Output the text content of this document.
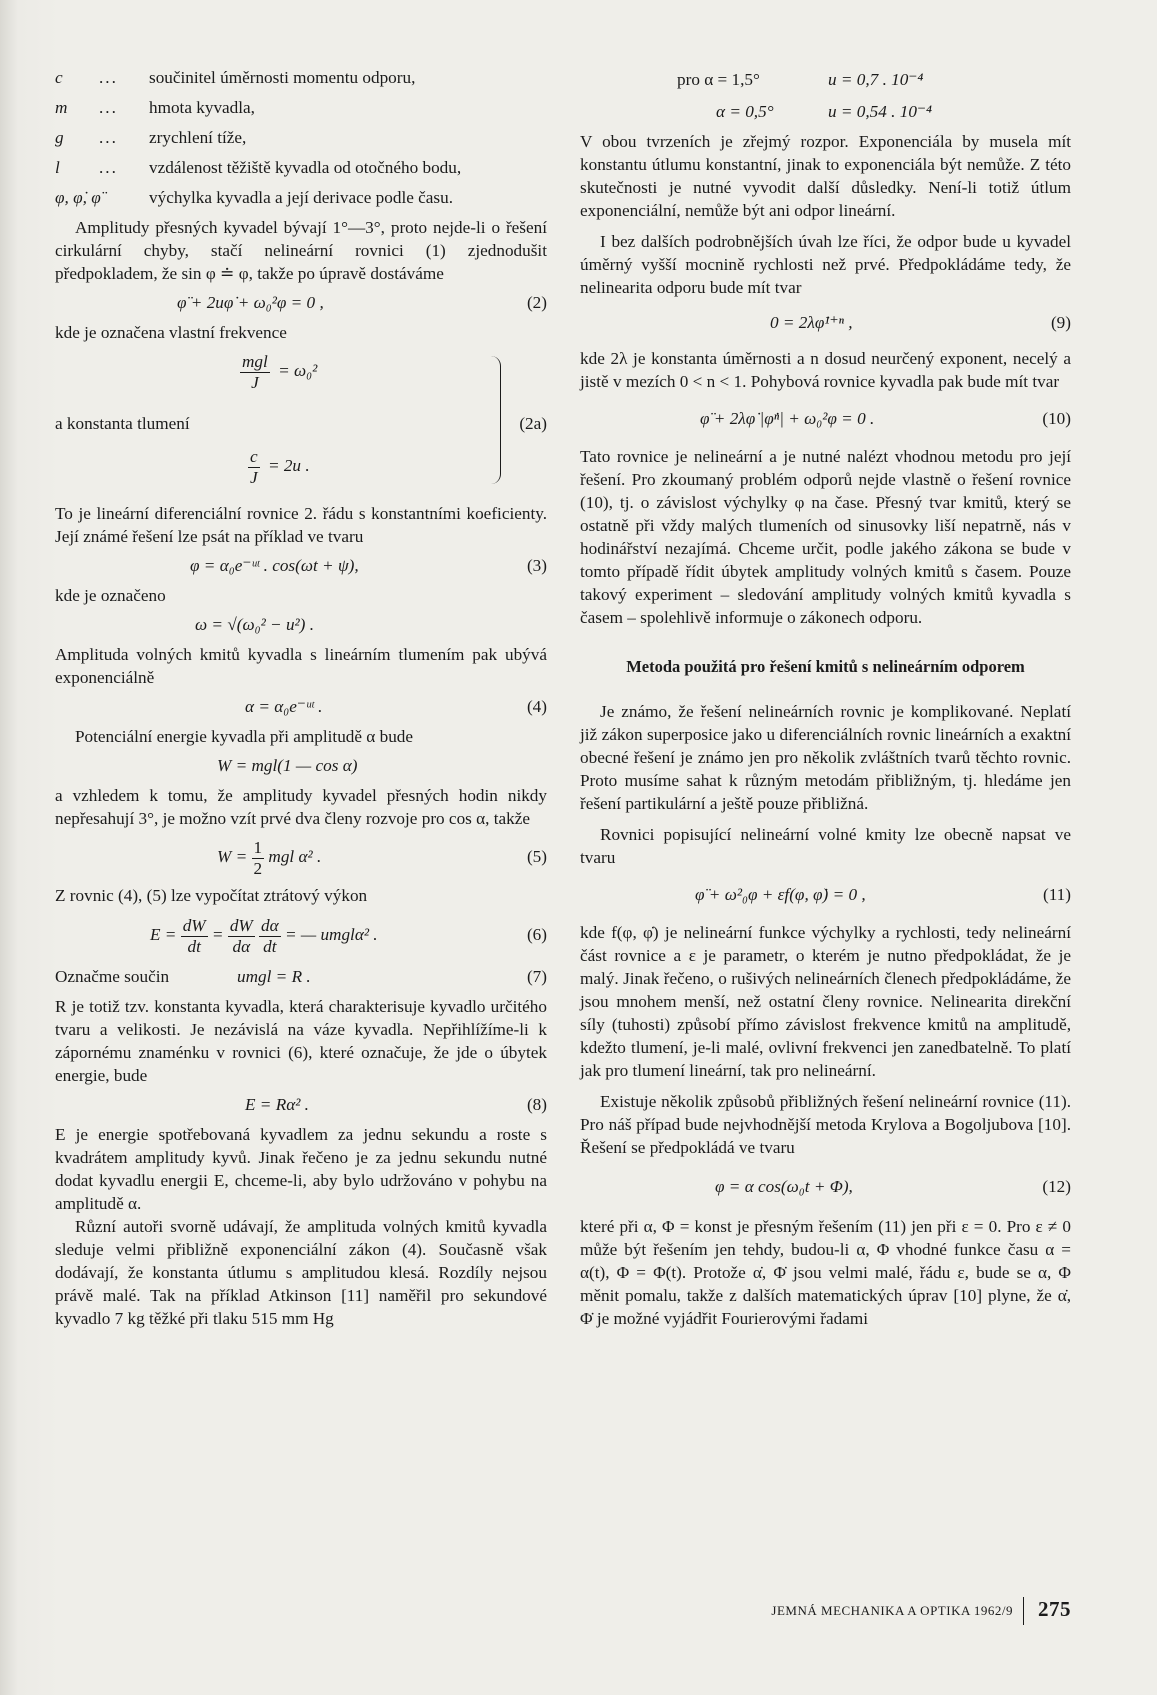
c	...	součinitel úměrnosti momentu odporu,
m	...	hmota kyvadla,
g	...	zrychlení tíže,
l	...	vzdálenost těžiště kyvadla od otočného bodu,
φ, φ̇, φ̈	výchylka kyvadla a její derivace podle času.

Amplitudy přesných kyvadel bývají 1°—3°, proto nejde-li o řešení cirkulární chyby, stačí nelineární rovnici (1) zjednodušit předpokladem, že sin φ ≐ φ, takže po úpravě dostáváme

φ̈ + 2uφ̇ + ω₀²φ = 0 ,	(2)

kde je označena vlastní frekvence

$\frac{\text{mgl}}{J} = \omega_0^2$
a konstanta tlumení
$\frac{c}{J} = 2u$ .
(2a)

To je lineární diferenciální rovnice 2. řádu s konstantními koeficienty. Její známé řešení lze psát na příklad ve tvaru

φ = α₀e⁻ᵘᵗ . cos(ωt + ψ),	(3)

kde je označeno

ω = √(ω₀² − u²) .

Amplituda volných kmitů kyvadla s lineárním tlumením pak ubývá exponenciálně

α = α₀e⁻ᵘᵗ .	(4)

Potenciální energie kyvadla při amplitudě α bude

W = mgl(1 — cos α)

a vzhledem k tomu, že amplitudy kyvadel přesných hodin nikdy nepřesahují 3°, je možno vzít prvé dva členy rozvoje pro cos α, takže

$W = \frac{1}{2}$ mgl α² .	(5)

Z rovnic (4), (5) lze vypočítat ztrátový výkon

$E = \frac{dW}{dt} = \frac{dW}{d\alpha}$
$\frac{d\alpha}{dt}$ = — umglα² .	(6)
Označme součin	umgl = R .	(7)

R je totiž tzv. konstanta kyvadla, která charakterisuje kyvadlo určitého tvaru a velikosti. Je nezávislá na váze kyvadla. Nepřihlížíme-li k zápornému znaménku v rovnici (6), které označuje, že jde o úbytek energie, bude

E = Rα² .	(8)

E je energie spotřebovaná kyvadlem za jednu sekundu a roste s kvadrátem amplitudy kyvů. Jinak řečeno je za jednu sekundu nutné dodat kyvadlu energii E, chceme-li, aby bylo udržováno v pohybu na amplitudě α.

Různí autoři svorně udávají, že amplituda volných kmitů kyvadla sleduje velmi přibližně exponenciální zákon (4). Současně však dodávají, že konstanta útlumu s amplitudou klesá. Rozdíly nejsou právě malé. Tak na příklad Atkinson [11] naměřil pro sekundové kyvadlo 7 kg těžké při tlaku 515 mm Hg

pro α = 1,5°	u = 0,7 . 10⁻⁴
α = 0,5°	u = 0,54 . 10⁻⁴

V obou tvrzeních je zřejmý rozpor. Exponenciála by musela mít konstantu útlumu konstantní, jinak to exponenciála být nemůže. Z této skutečnosti je nutné vyvodit další důsledky. Není-li totiž útlum exponenciální, nemůže být ani odpor lineární.

I bez dalších podrobnějších úvah lze říci, že odpor bude u kyvadel úměrný vyšší mocnině rychlosti než prvé. Předpokládáme tedy, že nelinearita odporu bude mít tvar

0 = 2λφ̇¹⁺ⁿ ,	(9)

kde 2λ je konstanta úměrnosti a n dosud neurčený exponent, necelý a jistě v mezích 0 < n < 1. Pohybová rovnice kyvadla pak bude mít tvar

φ̈ + 2λφ̇ |φ̇ⁿ| + ω₀²φ = 0 .	(10)

Tato rovnice je nelineární a je nutné nalézt vhodnou metodu pro její řešení. Pro zkoumaný problém odporů nejde vlastně o řešení rovnice (10), tj. o závislost výchylky φ na čase. Přesný tvar kmitů, který se ostatně při vždy malých tlumeních od sinusovky liší nepatrně, nás v hodinářství nezajímá. Chceme určit, podle jakého zákona se bude v tomto případě řídit úbytek amplitudy volných kmitů s časem. Pouze takový experiment – sledování amplitudy volných kmitů kyvadla s časem – spolehlivě informuje o zákonech odporu.

Metoda použitá pro řešení kmitů s nelineárním odporem

Je známo, že řešení nelineárních rovnic je komplikované. Neplatí již zákon superposice jako u diferenciálních rovnic lineárních a exaktní obecné řešení je známo jen pro několik zvláštních tvarů těchto rovnic. Proto musíme sahat k různým metodám přibližným, tj. hledáme jen řešení partikulární a ještě pouze přibližná.

Rovnici popisující nelineární volné kmity lze obecně napsat ve tvaru

φ̈ + ω²₀φ + εf(φ, φ̇) = 0 ,	(11)

kde f(φ, φ̇) je nelineární funkce výchylky a rychlosti, tedy nelineární část rovnice a ε je parametr, o kterém je nutno předpokládat, že je malý. Jinak řečeno, o rušivých nelineárních členech předpokládáme, že jsou mnohem menší, než ostatní členy rovnice. Nelinearita direkční síly (tuhosti) způsobí přímo závislost frekvence kmitů na amplitudě, kdežto tlumení, je-li malé, ovlivní frekvenci jen zanedbatelně. To platí jak pro tlumení lineární, tak pro nelineární.

Existuje několik způsobů přibližných řešení nelineární rovnice (11). Pro náš případ bude nejvhodnější metoda Krylova a Bogoljubova [10]. Řešení se předpokládá ve tvaru

φ = α cos(ω₀t + Φ),	(12)

které při α, Φ = konst je přesným řešením (11) jen při ε = 0. Pro ε ≠ 0 může být řešením jen tehdy, budou-li α, Φ vhodné funkce času α = α(t), Φ = Φ(t). Protože α̇, Φ̇ jsou velmi malé, řádu ε, bude se α, Φ měnit pomalu, takže z dalších matematických úprav [10] plyne, že α̇, Φ̇ je možné vyjádřit Fourierovými řadami

JEMNÁ MECHANIKA A OPTIKA 1962/9 275
